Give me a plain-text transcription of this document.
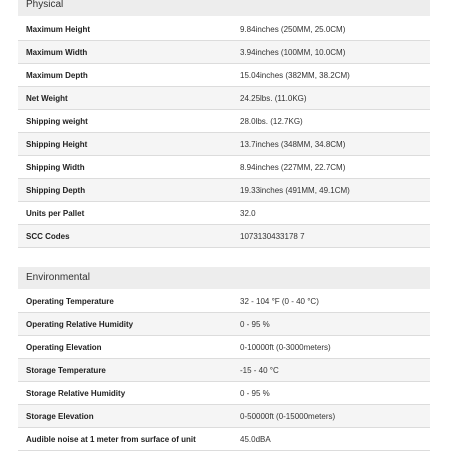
Physical
Maximum Height	9.84inches (250MM, 25.0CM)
Maximum Width	3.94inches (100MM, 10.0CM)
Maximum Depth	15.04inches (382MM, 38.2CM)
Net Weight	24.25lbs. (11.0KG)
Shipping weight	28.0lbs. (12.7KG)
Shipping Height	13.7inches (348MM, 34.8CM)
Shipping Width	8.94inches (227MM, 22.7CM)
Shipping Depth	19.33inches (491MM, 49.1CM)
Units per Pallet	32.0
SCC Codes	1073130433178 7
Environmental
Operating Temperature	32 - 104 °F (0 - 40 °C)
Operating Relative Humidity	0 - 95 %
Operating Elevation	0-10000ft (0-3000meters)
Storage Temperature	-15 - 40 °C
Storage Relative Humidity	0 - 95 %
Storage Elevation	0-50000ft (0-15000meters)
Audible noise at 1 meter from surface of unit	45.0dBA
